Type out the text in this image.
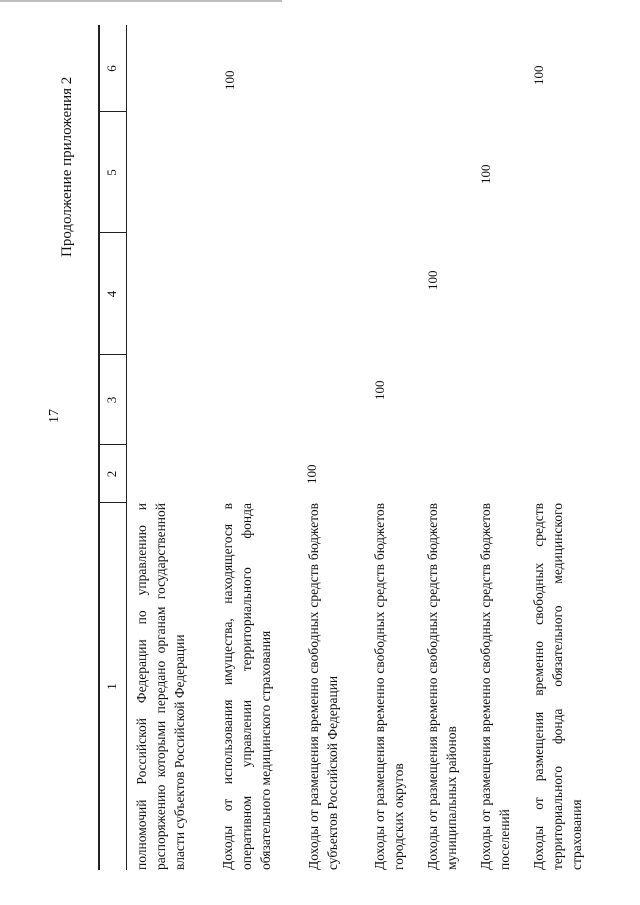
17
Продолжение приложения 2
1
2
3
4
5
6
полномочий Российской Федерации по управлению и распоряжению которыми передано органам государственной власти субъектов Российской Федерации Доходы от использования имущества, находящегося в оперативном управлении территориального фонда обязательного медицинского страхования
100
Доходы от размещения временно свободных средств бюджетов субъектов Российской Федерации
100
Доходы от размещения временно свободных средств бюджетов городских округов
100
Доходы от размещения временно свободных средств бюджетов муниципальных районов
100
Доходы от размещения временно свободных средств бюджетов поселений
100
Доходы от размещения временно свободных средств территориального фонда обязательного медицинского страхования
100
